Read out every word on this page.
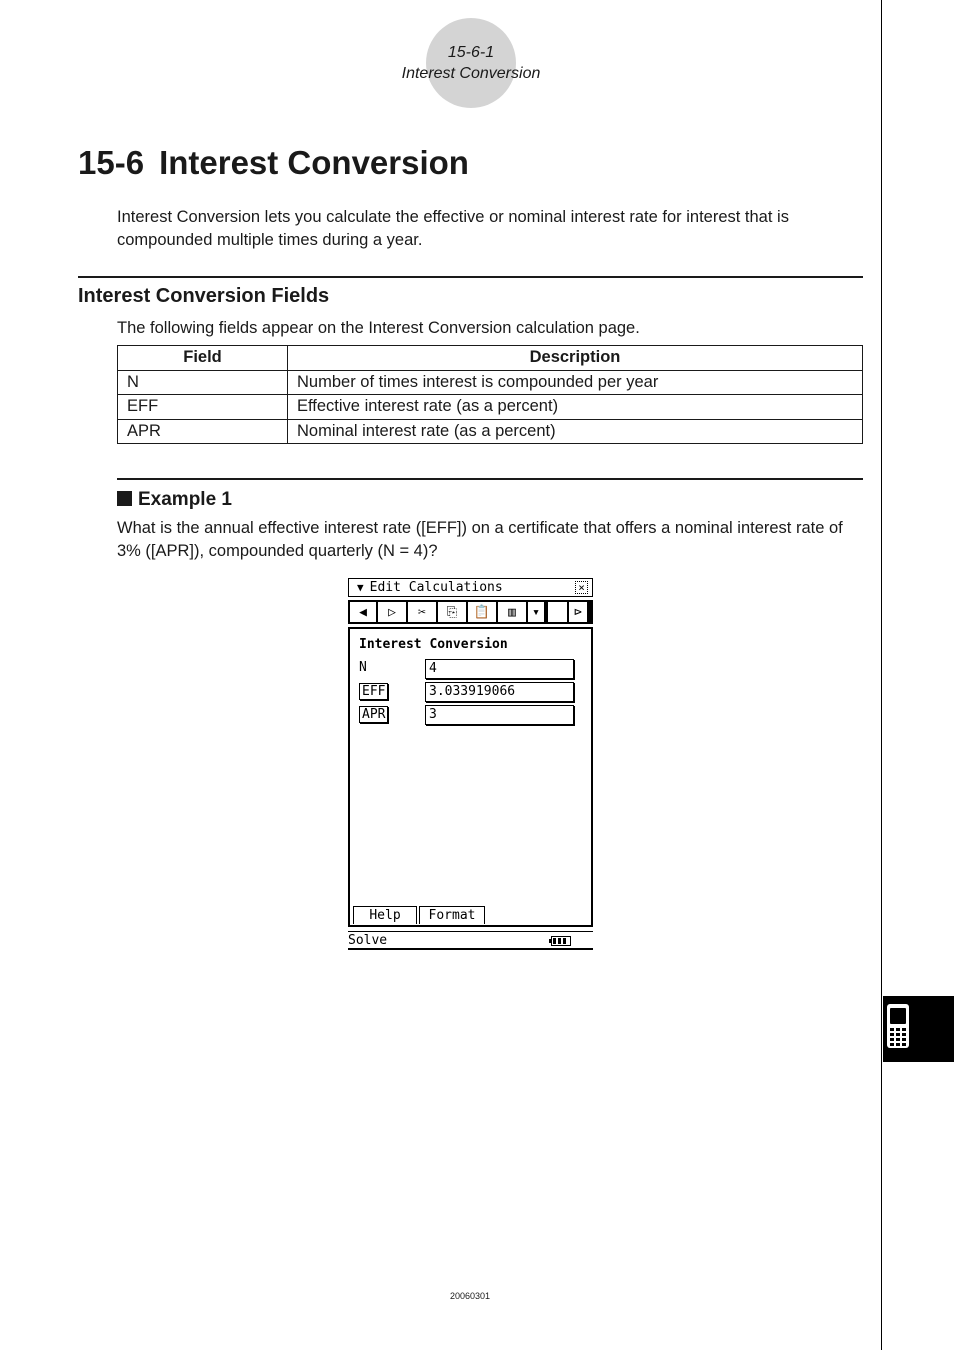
15-6-1
Interest Conversion
15-6 Interest Conversion

Interest Conversion lets you calculate the effective or nominal interest rate for interest that is compounded multiple times during a year.

Interest Conversion Fields

The following fields appear on the Interest Conversion calculation page.

Field	Description
N	Number of times interest is compounded per year
EFF	Effective interest rate (as a percent)
APR	Nominal interest rate (as a percent)
Example 1

What is the annual effective interest rate ([EFF]) on a certificate that offers a nominal interest rate of 3% ([APR]), compounded quarterly (N = 4)?

▼ Edit Calculations	×
◀	▷	✂	⎘	📋	▥	▾	⊳
Interest Conversion
N	4
EFF	3.033919066
APR	3
Help	Format
Solve
20060301
